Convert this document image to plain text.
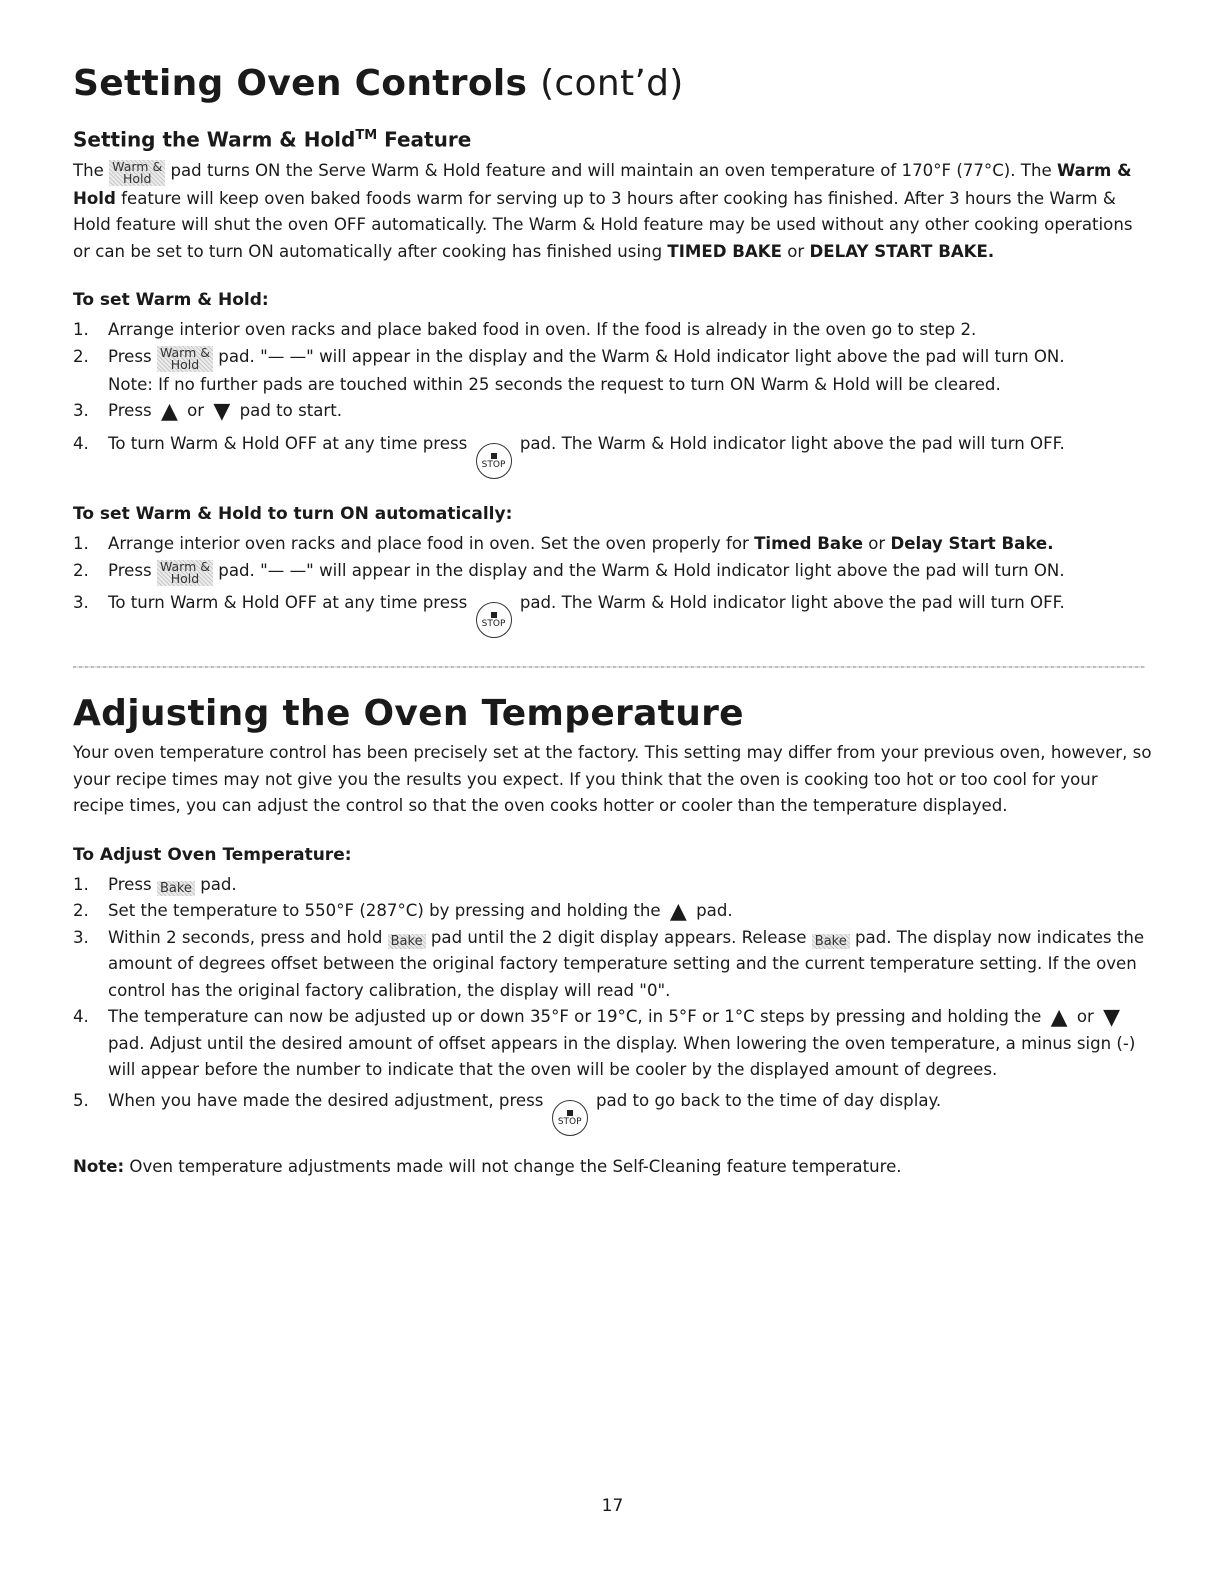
Setting Oven Controls (cont’d)
Setting the Warm & Hold™ Feature

The Warm &
Hold pad turns ON the Serve Warm & Hold feature and will maintain an oven temperature of 170°F (77°C). The Warm & Hold feature will keep oven baked foods warm for serving up to 3 hours after cooking has finished. After 3 hours the Warm & Hold feature will shut the oven OFF automatically. The Warm & Hold feature may be used without any other cooking operations or can be set to turn ON automatically after cooking has finished using TIMED BAKE or DELAY START BAKE.

To set Warm & Hold:
1. Arrange interior oven racks and place baked food in oven. If the food is already in the oven go to step 2.
2. Press Warm &
Hold pad. "— —" will appear in the display and the Warm & Hold indicator light above the pad will turn ON.
Note: If no further pads are touched within 25 seconds the request to turn ON Warm & Hold will be cleared.
3. Press ▲ or ▼ pad to start.
4. To turn Warm & Hold OFF at any time press
STOP
pad. The Warm & Hold indicator light above the pad will turn OFF.
To set Warm & Hold to turn ON automatically:
1. Arrange interior oven racks and place food in oven. Set the oven properly for Timed Bake or Delay Start Bake.
2. Press Warm &
Hold pad. "— —" will appear in the display and the Warm & Hold indicator light above the pad will turn ON.
3. To turn Warm & Hold OFF at any time press
STOP
pad. The Warm & Hold indicator light above the pad will turn OFF.
Adjusting the Oven Temperature

Your oven temperature control has been precisely set at the factory. This setting may differ from your previous oven, however, so your recipe times may not give you the results you expect. If you think that the oven is cooking too hot or too cool for your recipe times, you can adjust the control so that the oven cooks hotter or cooler than the temperature displayed.

To Adjust Oven Temperature:
1. Press Bake pad.
2. Set the temperature to 550°F (287°C) by pressing and holding the ▲ pad.
3. Within 2 seconds, press and hold Bake pad until the 2 digit display appears. Release Bake pad. The display now indicates the amount of degrees offset between the original factory temperature setting and the current temperature setting. If the oven control has the original factory calibration, the display will read "0".
4. The temperature can now be adjusted up or down 35°F or 19°C, in 5°F or 1°C steps by pressing and holding the ▲ or ▼ pad. Adjust until the desired amount of offset appears in the display. When lowering the oven temperature, a minus sign (-) will appear before the number to indicate that the oven will be cooler by the displayed amount of degrees.
5. When you have made the desired adjustment, press
STOP
pad to go back to the time of day display.

Note: Oven temperature adjustments made will not change the Self-Cleaning feature temperature.

17
